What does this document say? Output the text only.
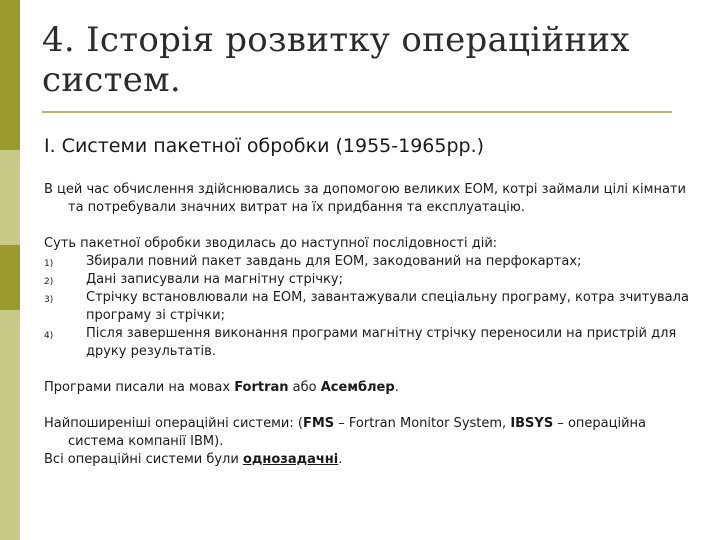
4. Історія розвитку операційних систем.
I. Системи пакетної обробки (1955-1965рр.)

В цей час обчислення здійснювались за допомогою великих ЕОМ, котрі займали цілі кімнати та потребували значних витрат на їх придбання та експлуатацію.

Суть пакетної обробки зводилась до наступної послідовності дій:

1)	Збирали повний пакет завдань для ЕОМ, закодований на перфокартах;
2)	Дані записували на магнітну стрічку;
3)	Стрічку встановлювали на ЕОМ, завантажували спеціальну програму, котра зчитувала програму зі стрічки;
4)	Після завершення виконання програми магнітну стрічку переносили на пристрій для друку результатів.

Програми писали на мовах Fortran або Асемблер.

Найпоширеніші операційні системи: (FMS – Fortran Monitor System, IBSYS – операційна система компанії IBM).

Всі операційні системи були однозадачні.
